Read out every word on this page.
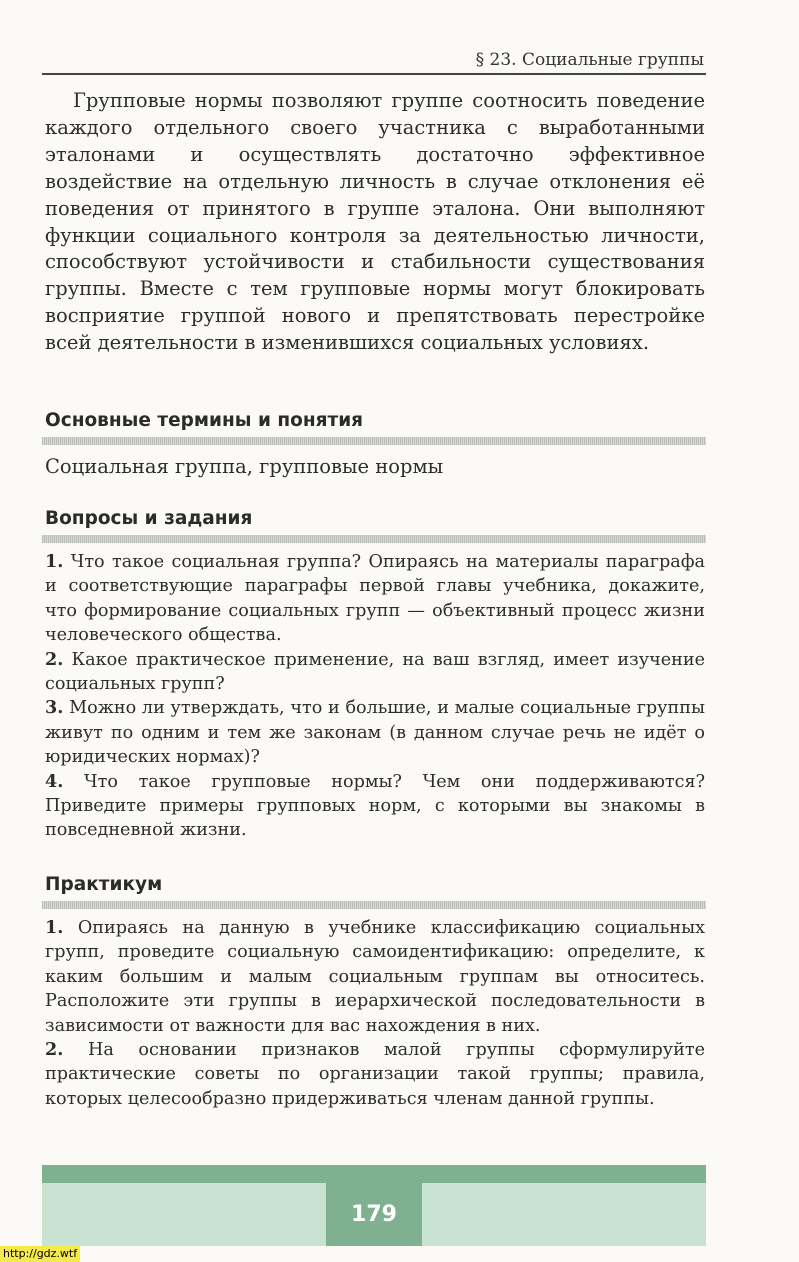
§ 23. Социальные группы

Групповые нормы позволяют группе соотносить поведение каждого отдельного своего участника с выработанными эталонами и осуществлять достаточно эффективное воздействие на отдельную личность в случае отклонения её поведения от принятого в группе эталона. Они выполняют функции социального контроля за деятельностью личности, способствуют устойчивости и стабильности существования группы. Вместе с тем групповые нормы могут блокировать восприятие группой нового и препятствовать перестройке всей деятельности в изменившихся социальных условиях.

Основные термины и понятия
Социальная группа, групповые нормы
Вопросы и задания

1. Что такое социальная группа? Опираясь на материалы параграфа и соответствующие параграфы первой главы учебника, докажите, что формирование социальных групп — объективный процесс жизни человеческого общества.

2. Какое практическое применение, на ваш взгляд, имеет изучение социальных групп?

3. Можно ли утверждать, что и большие, и малые социальные группы живут по одним и тем же законам (в данном случае речь не идёт о юридических нормах)?

4. Что такое групповые нормы? Чем они поддерживаются? Приведите примеры групповых норм, с которыми вы знакомы в повседневной жизни.

Практикум

1. Опираясь на данную в учебнике классификацию социальных групп, проведите социальную самоидентификацию: определите, к каким большим и малым социальным группам вы относитесь. Расположите эти группы в иерархической последовательности в зависимости от важности для вас нахождения в них.

2. На основании признаков малой группы сформулируйте практические советы по организации такой группы; правила, которых целесообразно придерживаться членам данной группы.

179
http://gdz.wtf
